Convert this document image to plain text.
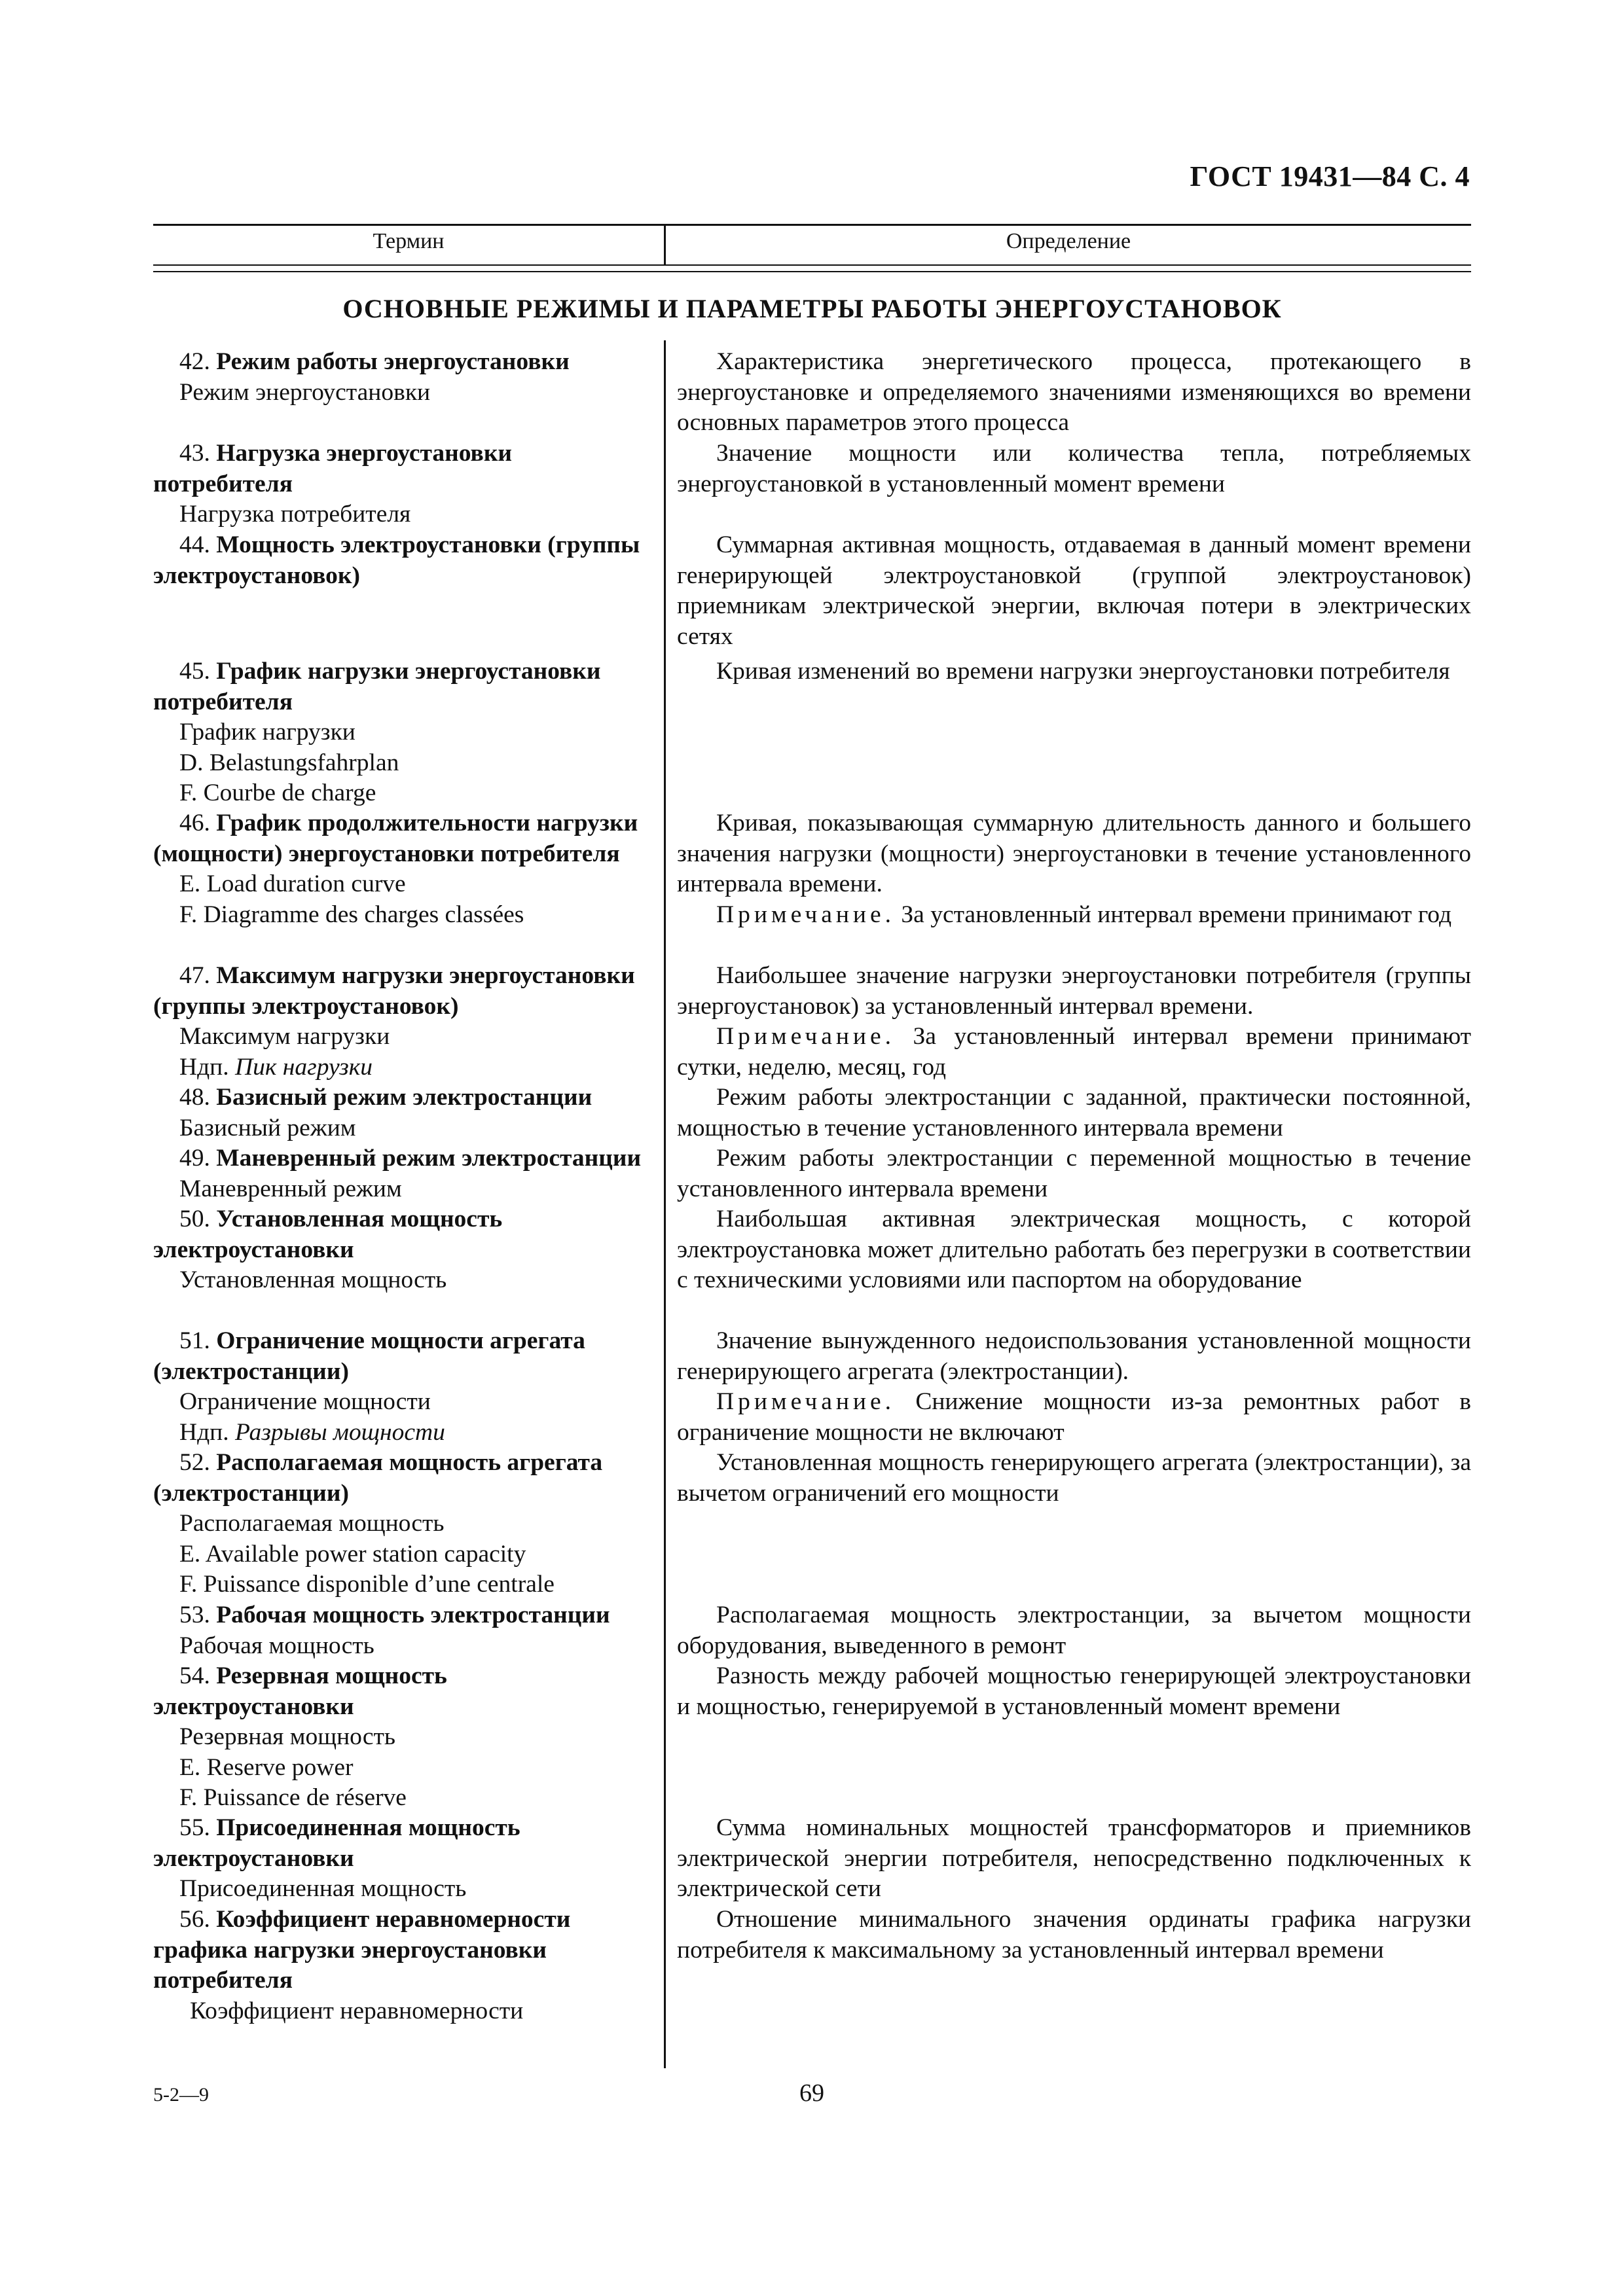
ГОСТ 19431—84 С. 4
Термин	Определение
ОСНОВНЫЕ РЕЖИМЫ И ПАРАМЕТРЫ РАБОТЫ ЭНЕРГОУСТАНОВОК
42. Режим работы энергоустановки
Режим энергоустановки

Характеристика энергетического процесса, протекающего в энергоустановке и определяемого значениями изменяющихся во времени основных параметров этого процесса

43. Нагрузка энергоустановки потребителя
Нагрузка потребителя

Значение мощности или количества тепла, потребляемых энергоустановкой в установленный момент времени

44. Мощность электроустановки (группы электроустановок)

Суммарная активная мощность, отдаваемая в данный момент времени генерирующей электроустановкой (группой электроустановок) приемникам электрической энергии, включая потери в электрических сетях

45. График нагрузки энергоустановки потребителя
График нагрузки
D. Belastungsfahrplan
F. Courbe de charge

Кривая изменений во времени нагрузки энергоустановки потребителя

46. График продолжительности нагрузки (мощности) энергоустановки потребителя
E. Load duration curve
F. Diagramme des charges classées

Кривая, показывающая суммарную длительность данного и большего значения нагрузки (мощности) энергоустановки в течение установленного интервала времени.

Примечание. За установленный интервал времени принимают год

47. Максимум нагрузки энергоустановки (группы электроустановок)
Максимум нагрузки
Ндп. Пик нагрузки

Наибольшее значение нагрузки энергоустановки потребителя (группы энергоустановок) за установленный интервал времени.

Примечание. За установленный интервал времени принимают сутки, неделю, месяц, год

48. Базисный режим электростанции
Базисный режим

Режим работы электростанции с заданной, практически постоянной, мощностью в течение установленного интервала времени

49. Маневренный режим электростанции
Маневренный режим

Режим работы электростанции с переменной мощностью в течение установленного интервала времени

50. Установленная мощность электроустановки
Установленная мощность

Наибольшая активная электрическая мощность, с которой электроустановка может длительно работать без перегрузки в соответствии с техническими условиями или паспортом на оборудование

51. Ограничение мощности агрегата (электростанции)
Ограничение мощности
Ндп. Разрывы мощности

Значение вынужденного недоиспользования установленной мощности генерирующего агрегата (электростанции).

Примечание. Снижение мощности из-за ремонтных работ в ограничение мощности не включают

52. Располагаемая мощность агрегата (электростанции)
Располагаемая мощность
E. Available power station capacity
F. Puissance disponible d’une centrale

Установленная мощность генерирующего агрегата (электростанции), за вычетом ограничений его мощности

53. Рабочая мощность электростанции
Рабочая мощность

Располагаемая мощность электростанции, за вычетом мощности оборудования, выведенного в ремонт

54. Резервная мощность электроустановки
Резервная мощность
E. Reserve power
F. Puissance de réserve

Разность между рабочей мощностью генерирующей электроустановки и мощностью, генерируемой в установленный момент времени

55. Присоединенная мощность электроустановки
Присоединенная мощность

Сумма номинальных мощностей трансформаторов и приемников электрической энергии потребителя, непосредственно подключенных к электрической сети

56. Коэффициент неравномерности графика нагрузки энергоустановки потребителя
Коэффициент неравномерности

Отношение минимального значения ординаты графика нагрузки потребителя к максимальному за установленный интервал времени

5-2—9	69
